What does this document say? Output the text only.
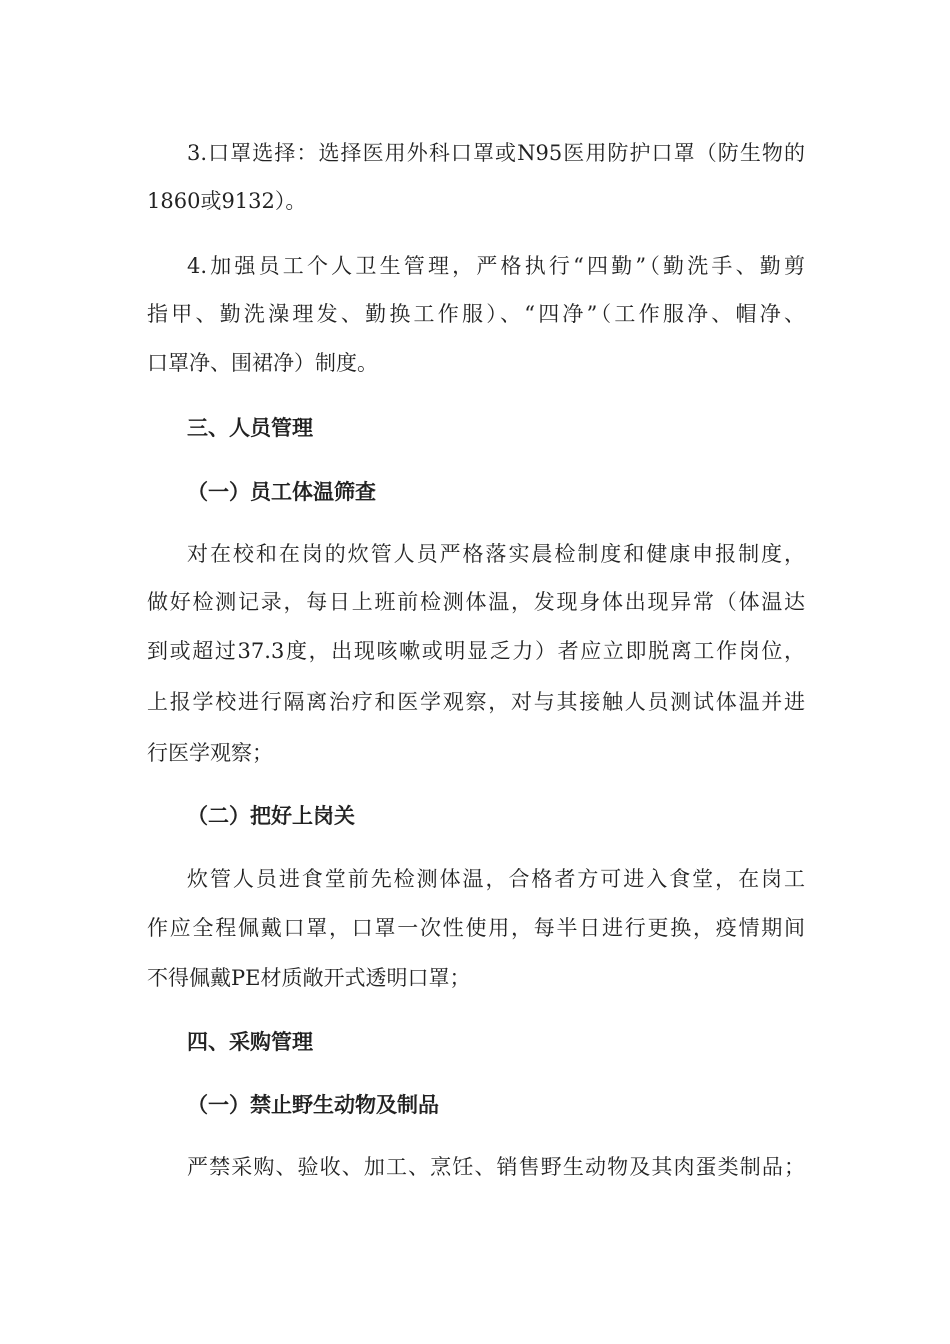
3.口罩选择：选择医用外科口罩或N95医用防护口罩（防生物的
1860或9132）。
4.加强员工个人卫生管理，严格执行“四勤”（勤洗手、勤剪
指甲、勤洗澡理发、勤换工作服）、“四净”（工作服净、帽净、
口罩净、围裙净）制度。
三、人员管理
（一）员工体温筛查
对在校和在岗的炊管人员严格落实晨检制度和健康申报制度，
做好检测记录，每日上班前检测体温，发现身体出现异常（体温达
到或超过37.3度，出现咳嗽或明显乏力）者应立即脱离工作岗位，
上报学校进行隔离治疗和医学观察，对与其接触人员测试体温并进
行医学观察；
（二）把好上岗关
炊管人员进食堂前先检测体温，合格者方可进入食堂，在岗工
作应全程佩戴口罩，口罩一次性使用，每半日进行更换，疫情期间
不得佩戴PE材质敞开式透明口罩；
四、采购管理
（一）禁止野生动物及制品
严禁采购、验收、加工、烹饪、销售野生动物及其肉蛋类制品；
